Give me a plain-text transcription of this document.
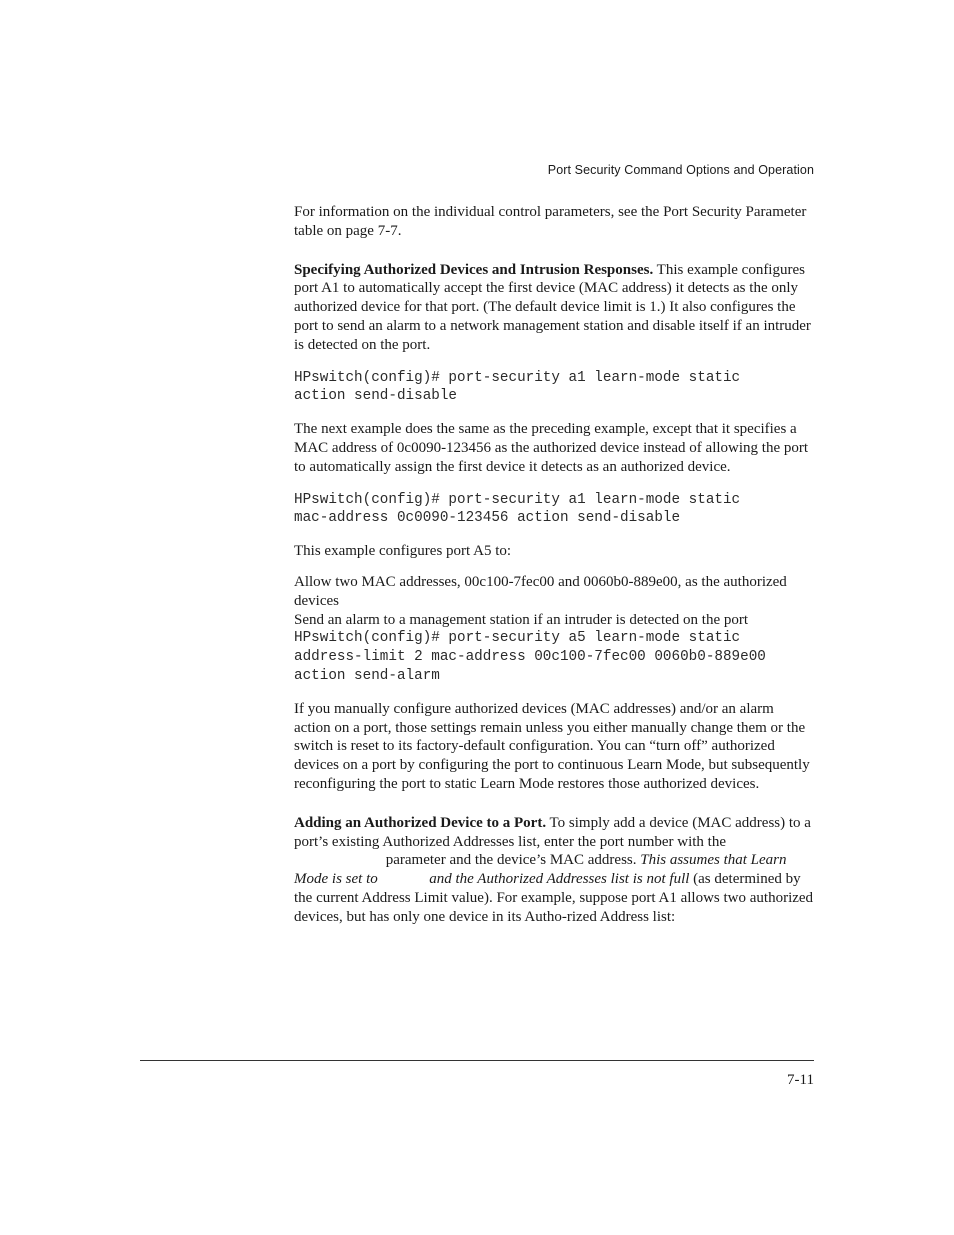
Port Security Command Options and Operation

For information on the individual control parameters, see the Port Security Parameter table on page 7-7.

Specifying Authorized Devices and Intrusion Responses. This example configures port A1 to automatically accept the first device (MAC address) it detects as the only authorized device for that port. (The default device limit is 1.) It also configures the port to send an alarm to a network management station and disable itself if an intruder is detected on the port.

HPswitch(config)# port-security a1 learn-mode static
action send-disable

The next example does the same as the preceding example, except that it specifies a MAC address of 0c0090-123456 as the authorized device instead of allowing the port to automatically assign the first device it detects as an authorized device.

HPswitch(config)# port-security a1 learn-mode static
mac-address 0c0090-123456 action send-disable

This example configures port A5 to:

Allow two MAC addresses, 00c100-7fec00 and 0060b0-889e00, as the authorized devices

Send an alarm to a management station if an intruder is detected on the port

HPswitch(config)# port-security a5 learn-mode static
address-limit 2 mac-address 00c100-7fec00 0060b0-889e00
action send-alarm

If you manually configure authorized devices (MAC addresses) and/or an alarm action on a port, those settings remain unless you either manually change them or the switch is reset to its factory-default configuration. You can “turn off” authorized devices on a port by configuring the port to continuous Learn Mode, but subsequently reconfiguring the port to static Learn Mode restores those authorized devices.

Adding an Authorized Device to a Port. To simply add a device (MAC address) to a port’s existing Authorized Addresses list, enter the port number with the  parameter and the device’s MAC address. This assumes that Learn Mode is set to	and the Authorized Addresses list is not full (as determined by the current Address Limit value). For example, suppose port A1 allows two authorized devices, but has only one device in its Autho-rized Address list:

7-11
